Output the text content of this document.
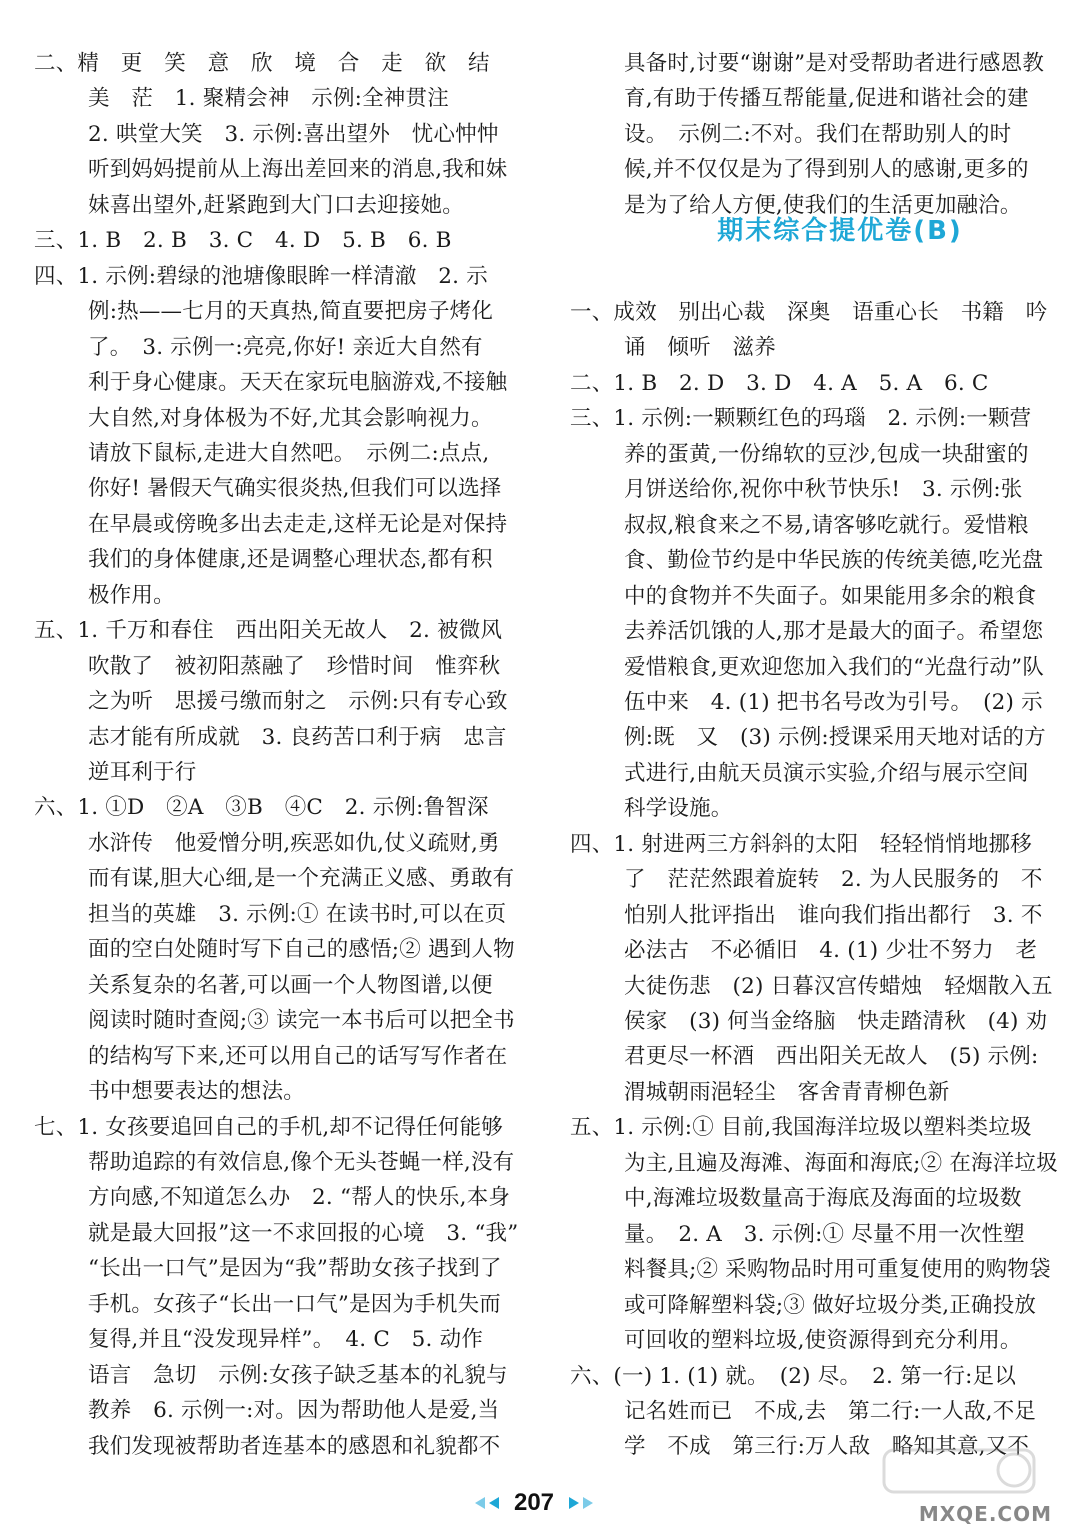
二、精　更　笑　意　欣　境　合　走　欲　结
美　茫　1. 聚精会神　示例:全神贯注
2. 哄堂大笑　3. 示例:喜出望外　忧心忡忡
听到妈妈提前从上海出差回来的消息,我和妹
妹喜出望外,赶紧跑到大门口去迎接她。
三、1. B　2. B　3. C　4. D　5. B　6. B
四、1. 示例:碧绿的池塘像眼眸一样清澈　2. 示
例:热——七月的天真热,简直要把房子烤化
了。　3. 示例一:亮亮,你好! 亲近大自然有
利于身心健康。天天在家玩电脑游戏,不接触
大自然,对身体极为不好,尤其会影响视力。
请放下鼠标,走进大自然吧。　示例二:点点,
你好! 暑假天气确实很炎热,但我们可以选择
在早晨或傍晚多出去走走,这样无论是对保持
我们的身体健康,还是调整心理状态,都有积
极作用。
五、1. 千万和春住　西出阳关无故人　2. 被微风
吹散了　被初阳蒸融了　珍惜时间　惟弈秋
之为听　思援弓缴而射之　示例:只有专心致
志才能有所成就　3. 良药苦口利于病　忠言
逆耳利于行
六、1. ①D　②A　③B　④C　2. 示例:鲁智深
水浒传　他爱憎分明,疾恶如仇,仗义疏财,勇
而有谋,胆大心细,是一个充满正义感、勇敢有
担当的英雄　3. 示例:① 在读书时,可以在页
面的空白处随时写下自己的感悟;② 遇到人物
关系复杂的名著,可以画一个人物图谱,以便
阅读时随时查阅;③ 读完一本书后可以把全书
的结构写下来,还可以用自己的话写写作者在
书中想要表达的想法。
七、1. 女孩要追回自己的手机,却不记得任何能够
帮助追踪的有效信息,像个无头苍蝇一样,没有
方向感,不知道怎么办　2. “帮人的快乐,本身
就是最大回报”这一不求回报的心境　3. “我”
“长出一口气”是因为“我”帮助女孩子找到了
手机。女孩子“长出一口气”是因为手机失而
复得,并且“没发现异样”。　4. C　5. 动作
语言　急切　示例:女孩子缺乏基本的礼貌与
教养　6. 示例一:对。因为帮助他人是爱,当
我们发现被帮助者连基本的感恩和礼貌都不
期末综合提优卷(B)
具备时,讨要“谢谢”是对受帮助者进行感恩教
育,有助于传播互帮能量,促进和谐社会的建
设。　示例二:不对。我们在帮助别人的时
候,并不仅仅是为了得到别人的感谢,更多的
是为了给人方便,使我们的生活更加融洽。
一、成效　别出心裁　深奥　语重心长　书籍　吟
诵　倾听　滋养
二、1. B　2. D　3. D　4. A　5. A　6. C
三、1. 示例:一颗颗红色的玛瑙　2. 示例:一颗营
养的蛋黄,一份绵软的豆沙,包成一块甜蜜的
月饼送给你,祝你中秋节快乐!　3. 示例:张
叔叔,粮食来之不易,请客够吃就行。爱惜粮
食、勤俭节约是中华民族的传统美德,吃光盘
中的食物并不失面子。如果能用多余的粮食
去养活饥饿的人,那才是最大的面子。希望您
爱惜粮食,更欢迎您加入我们的“光盘行动”队
伍中来　4. (1) 把书名号改为引号。　(2) 示
例:既　又　(3) 示例:授课采用天地对话的方
式进行,由航天员演示实验,介绍与展示空间
科学设施。
四、1. 射进两三方斜斜的太阳　轻轻悄悄地挪移
了　茫茫然跟着旋转　2. 为人民服务的　不
怕别人批评指出　谁向我们指出都行　3. 不
必法古　不必循旧　4. (1) 少壮不努力　老
大徒伤悲　(2) 日暮汉宫传蜡烛　轻烟散入五
侯家　(3) 何当金络脑　快走踏清秋　(4) 劝
君更尽一杯酒　西出阳关无故人　(5) 示例:
渭城朝雨浥轻尘　客舍青青柳色新
五、1. 示例:① 目前,我国海洋垃圾以塑料类垃圾
为主,且遍及海滩、海面和海底;② 在海洋垃圾
中,海滩垃圾数量高于海底及海面的垃圾数
量。　2. A　3. 示例:① 尽量不用一次性塑
料餐具;② 采购物品时用可重复使用的购物袋
或可降解塑料袋;③ 做好垃圾分类,正确投放
可回收的塑料垃圾,使资源得到充分利用。
六、(一) 1. (1) 就。　(2) 尽。　2. 第一行:足以
记名姓而已　不成,去　第二行:一人敌,不足
学　不成　第三行:万人敌　略知其意,又不
207	MXQE.COM
